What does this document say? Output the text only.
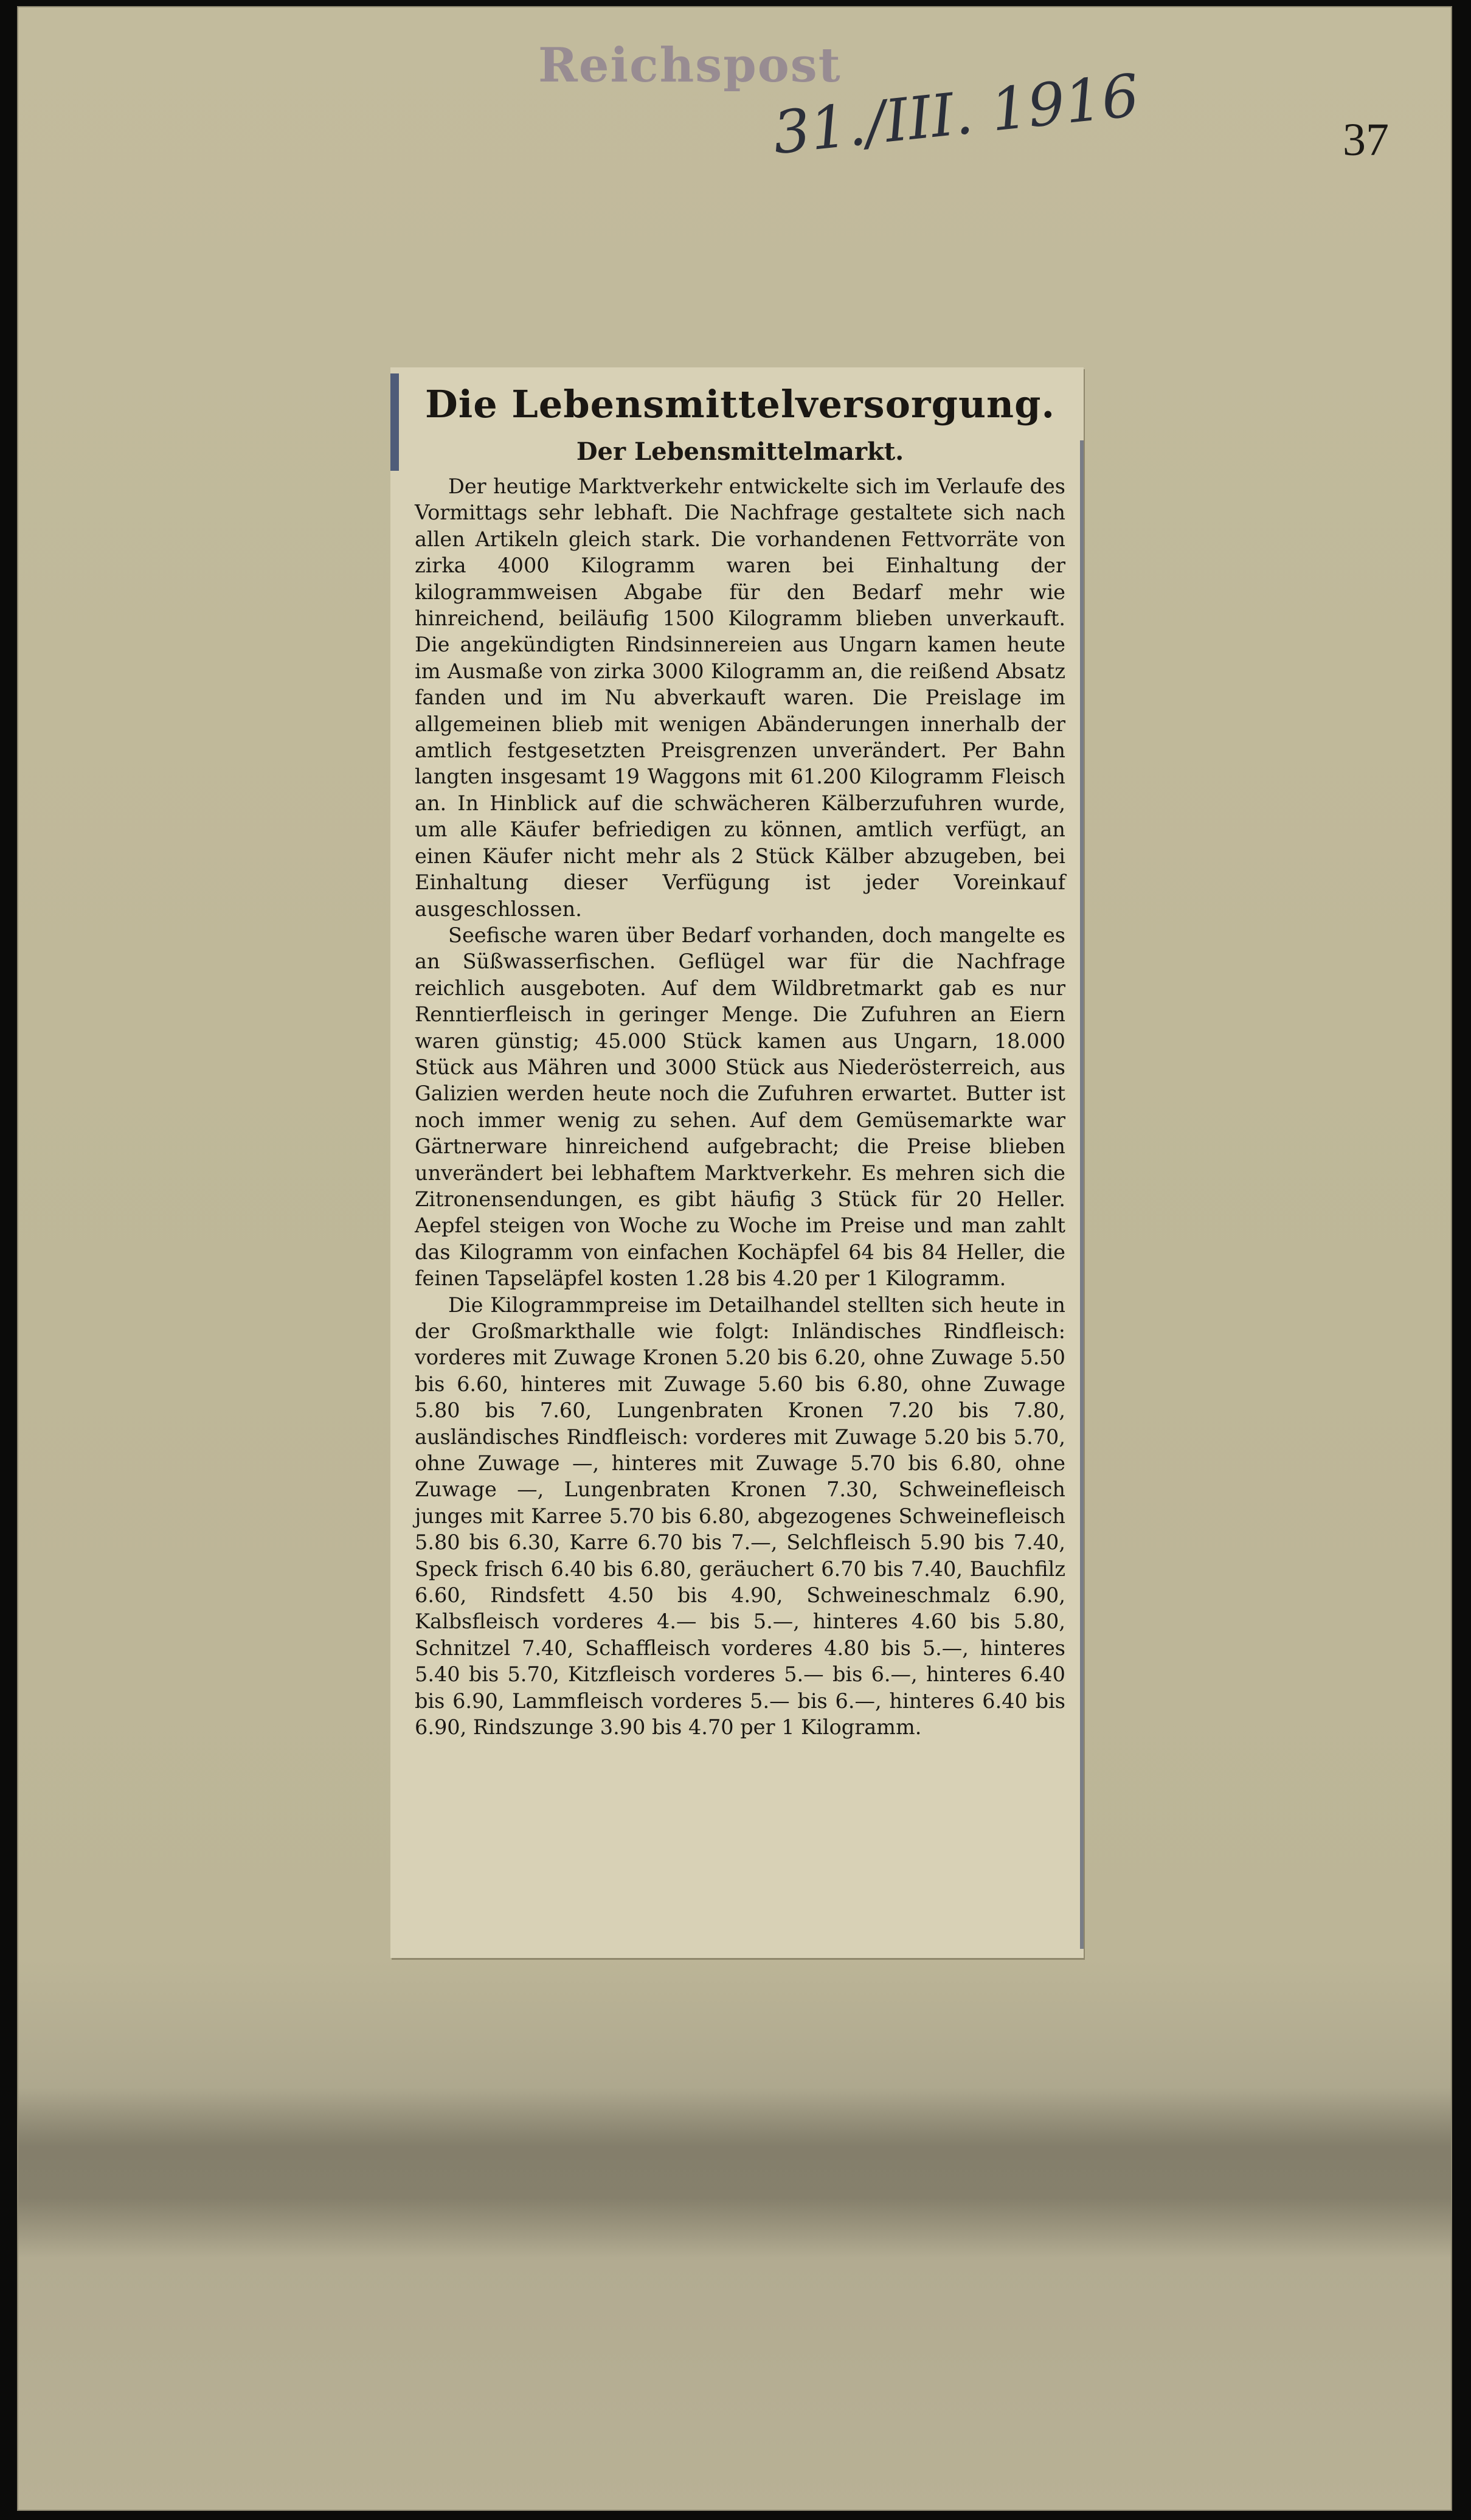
Reichspost
31./III. 1916	37
Die Lebensmittelversorgung.
Der Lebensmittelmarkt.

Der heutige Marktverkehr entwickelte sich im Verlaufe des Vormittags sehr lebhaft. Die Nachfrage gestaltete sich nach allen Artikeln gleich stark. Die vorhandenen Fettvorräte von zirka 4000 Kilogramm waren bei Einhaltung der kilogrammweisen Abgabe für den Bedarf mehr wie hinreichend, beiläufig 1500 Kilogramm blieben unverkauft. Die angekündigten Rindsinnereien aus Ungarn kamen heute im Ausmaße von zirka 3000 Kilogramm an, die reißend Absatz fanden und im Nu abverkauft waren. Die Preislage im allgemeinen blieb mit wenigen Abänderungen innerhalb der amtlich festgesetzten Preisgrenzen unverändert. Per Bahn langten insgesamt 19 Waggons mit 61.200 Kilogramm Fleisch an. In Hinblick auf die schwächeren Kälberzufuhren wurde, um alle Käufer befriedigen zu können, amtlich verfügt, an einen Käufer nicht mehr als 2 Stück Kälber abzugeben, bei Einhaltung dieser Verfügung ist jeder Voreinkauf ausgeschlossen.

Seefische waren über Bedarf vorhanden, doch mangelte es an Süßwasserfischen. Geflügel war für die Nachfrage reichlich ausgeboten. Auf dem Wildbretmarkt gab es nur Renntierfleisch in geringer Menge. Die Zufuhren an Eiern waren günstig; 45.000 Stück kamen aus Ungarn, 18.000 Stück aus Mähren und 3000 Stück aus Niederösterreich, aus Galizien werden heute noch die Zufuhren erwartet. Butter ist noch immer wenig zu sehen. Auf dem Gemüsemarkte war Gärtnerware hinreichend aufgebracht; die Preise blieben unverändert bei lebhaftem Marktverkehr. Es mehren sich die Zitronensendungen, es gibt häufig 3 Stück für 20 Heller. Aepfel steigen von Woche zu Woche im Preise und man zahlt das Kilogramm von einfachen Kochäpfel 64 bis 84 Heller, die feinen Tapseläpfel kosten 1.28 bis 4.20 per 1 Kilogramm.

Die Kilogrammpreise im Detailhandel stellten sich heute in der Großmarkthalle wie folgt: Inländisches Rindfleisch: vorderes mit Zuwage Kronen 5.20 bis 6.20, ohne Zuwage 5.50 bis 6.60, hinteres mit Zuwage 5.60 bis 6.80, ohne Zuwage 5.80 bis 7.60, Lungenbraten Kronen 7.20 bis 7.80, ausländisches Rindfleisch: vorderes mit Zuwage 5.20 bis 5.70, ohne Zuwage —, hinteres mit Zuwage 5.70 bis 6.80, ohne Zuwage —, Lungenbraten Kronen 7.30, Schweinefleisch junges mit Karree 5.70 bis 6.80, abgezogenes Schweinefleisch 5.80 bis 6.30, Karre 6.70 bis 7.—, Selchfleisch 5.90 bis 7.40, Speck frisch 6.40 bis 6.80, geräuchert 6.70 bis 7.40, Bauchfilz 6.60, Rindsfett 4.50 bis 4.90, Schweineschmalz 6.90, Kalbsfleisch vorderes 4.— bis 5.—, hinteres 4.60 bis 5.80, Schnitzel 7.40, Schaffleisch vorderes 4.80 bis 5.—, hinteres 5.40 bis 5.70, Kitzfleisch vorderes 5.— bis 6.—, hinteres 6.40 bis 6.90, Lammfleisch vorderes 5.— bis 6.—, hinteres 6.40 bis 6.90, Rindszunge 3.90 bis 4.70 per 1 Kilogramm.
